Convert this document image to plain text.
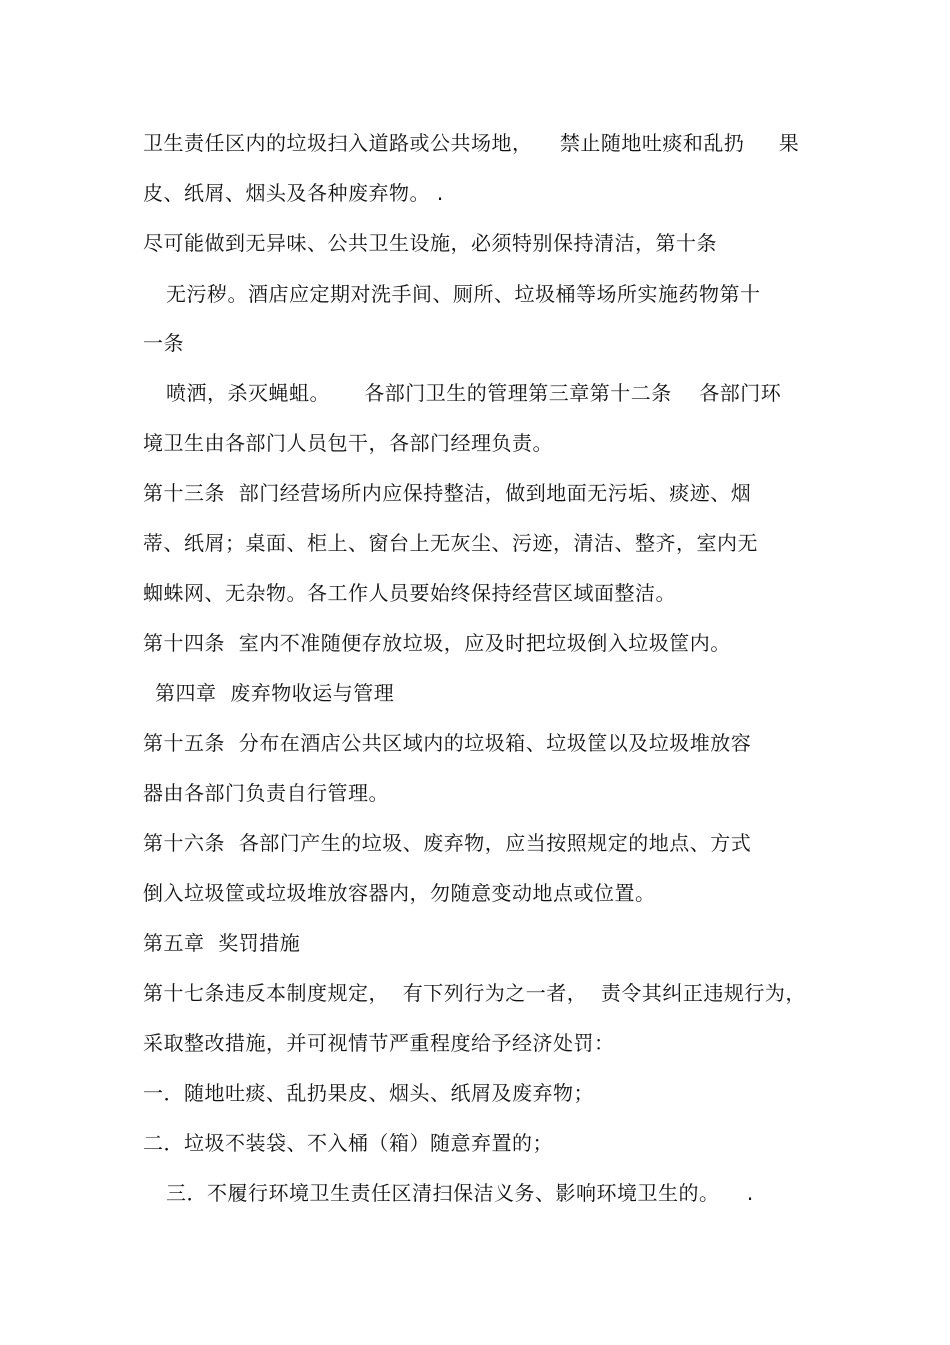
卫生责任区内的垃圾扫入道路或公共场地，    禁止随地吐痰和乱扔     果
皮、纸屑、烟头及各种废弃物。 .
尽可能做到无异味、公共卫生设施，必须特别保持清洁，第十条
无污秽。酒店应定期对洗手间、厕所、垃圾桶等场所实施药物第十
一条
喷洒，杀灭蝇蛆。     各部门卫生的管理第三章第十二条    各部门环
境卫生由各部门人员包干，各部门经理负责。
第十三条  部门经营场所内应保持整洁，做到地面无污垢、痰迹、烟
蒂、纸屑；桌面、柜上、窗台上无灰尘、污迹，清洁、整齐，室内无
蜘蛛网、无杂物。各工作人员要始终保持经营区域面整洁。
第十四条  室内不准随便存放垃圾，应及时把垃圾倒入垃圾筐内。
第四章  废弃物收运与管理
第十五条  分布在酒店公共区域内的垃圾箱、垃圾筐以及垃圾堆放容
器由各部门负责自行管理。
第十六条  各部门产生的垃圾、废弃物，应当按照规定的地点、方式
倒入垃圾筐或垃圾堆放容器内，勿随意变动地点或位置。
第五章  奖罚措施
第十七条违反本制度规定，  有下列行为之一者，  责令其纠正违规行为，
采取整改措施，并可视情节严重程度给予经济处罚：
一．随地吐痰、乱扔果皮、烟头、纸屑及废弃物；
二．垃圾不装袋、不入桶（箱）随意弃置的；
三．不履行环境卫生责任区清扫保洁义务、影响环境卫生的。    .
